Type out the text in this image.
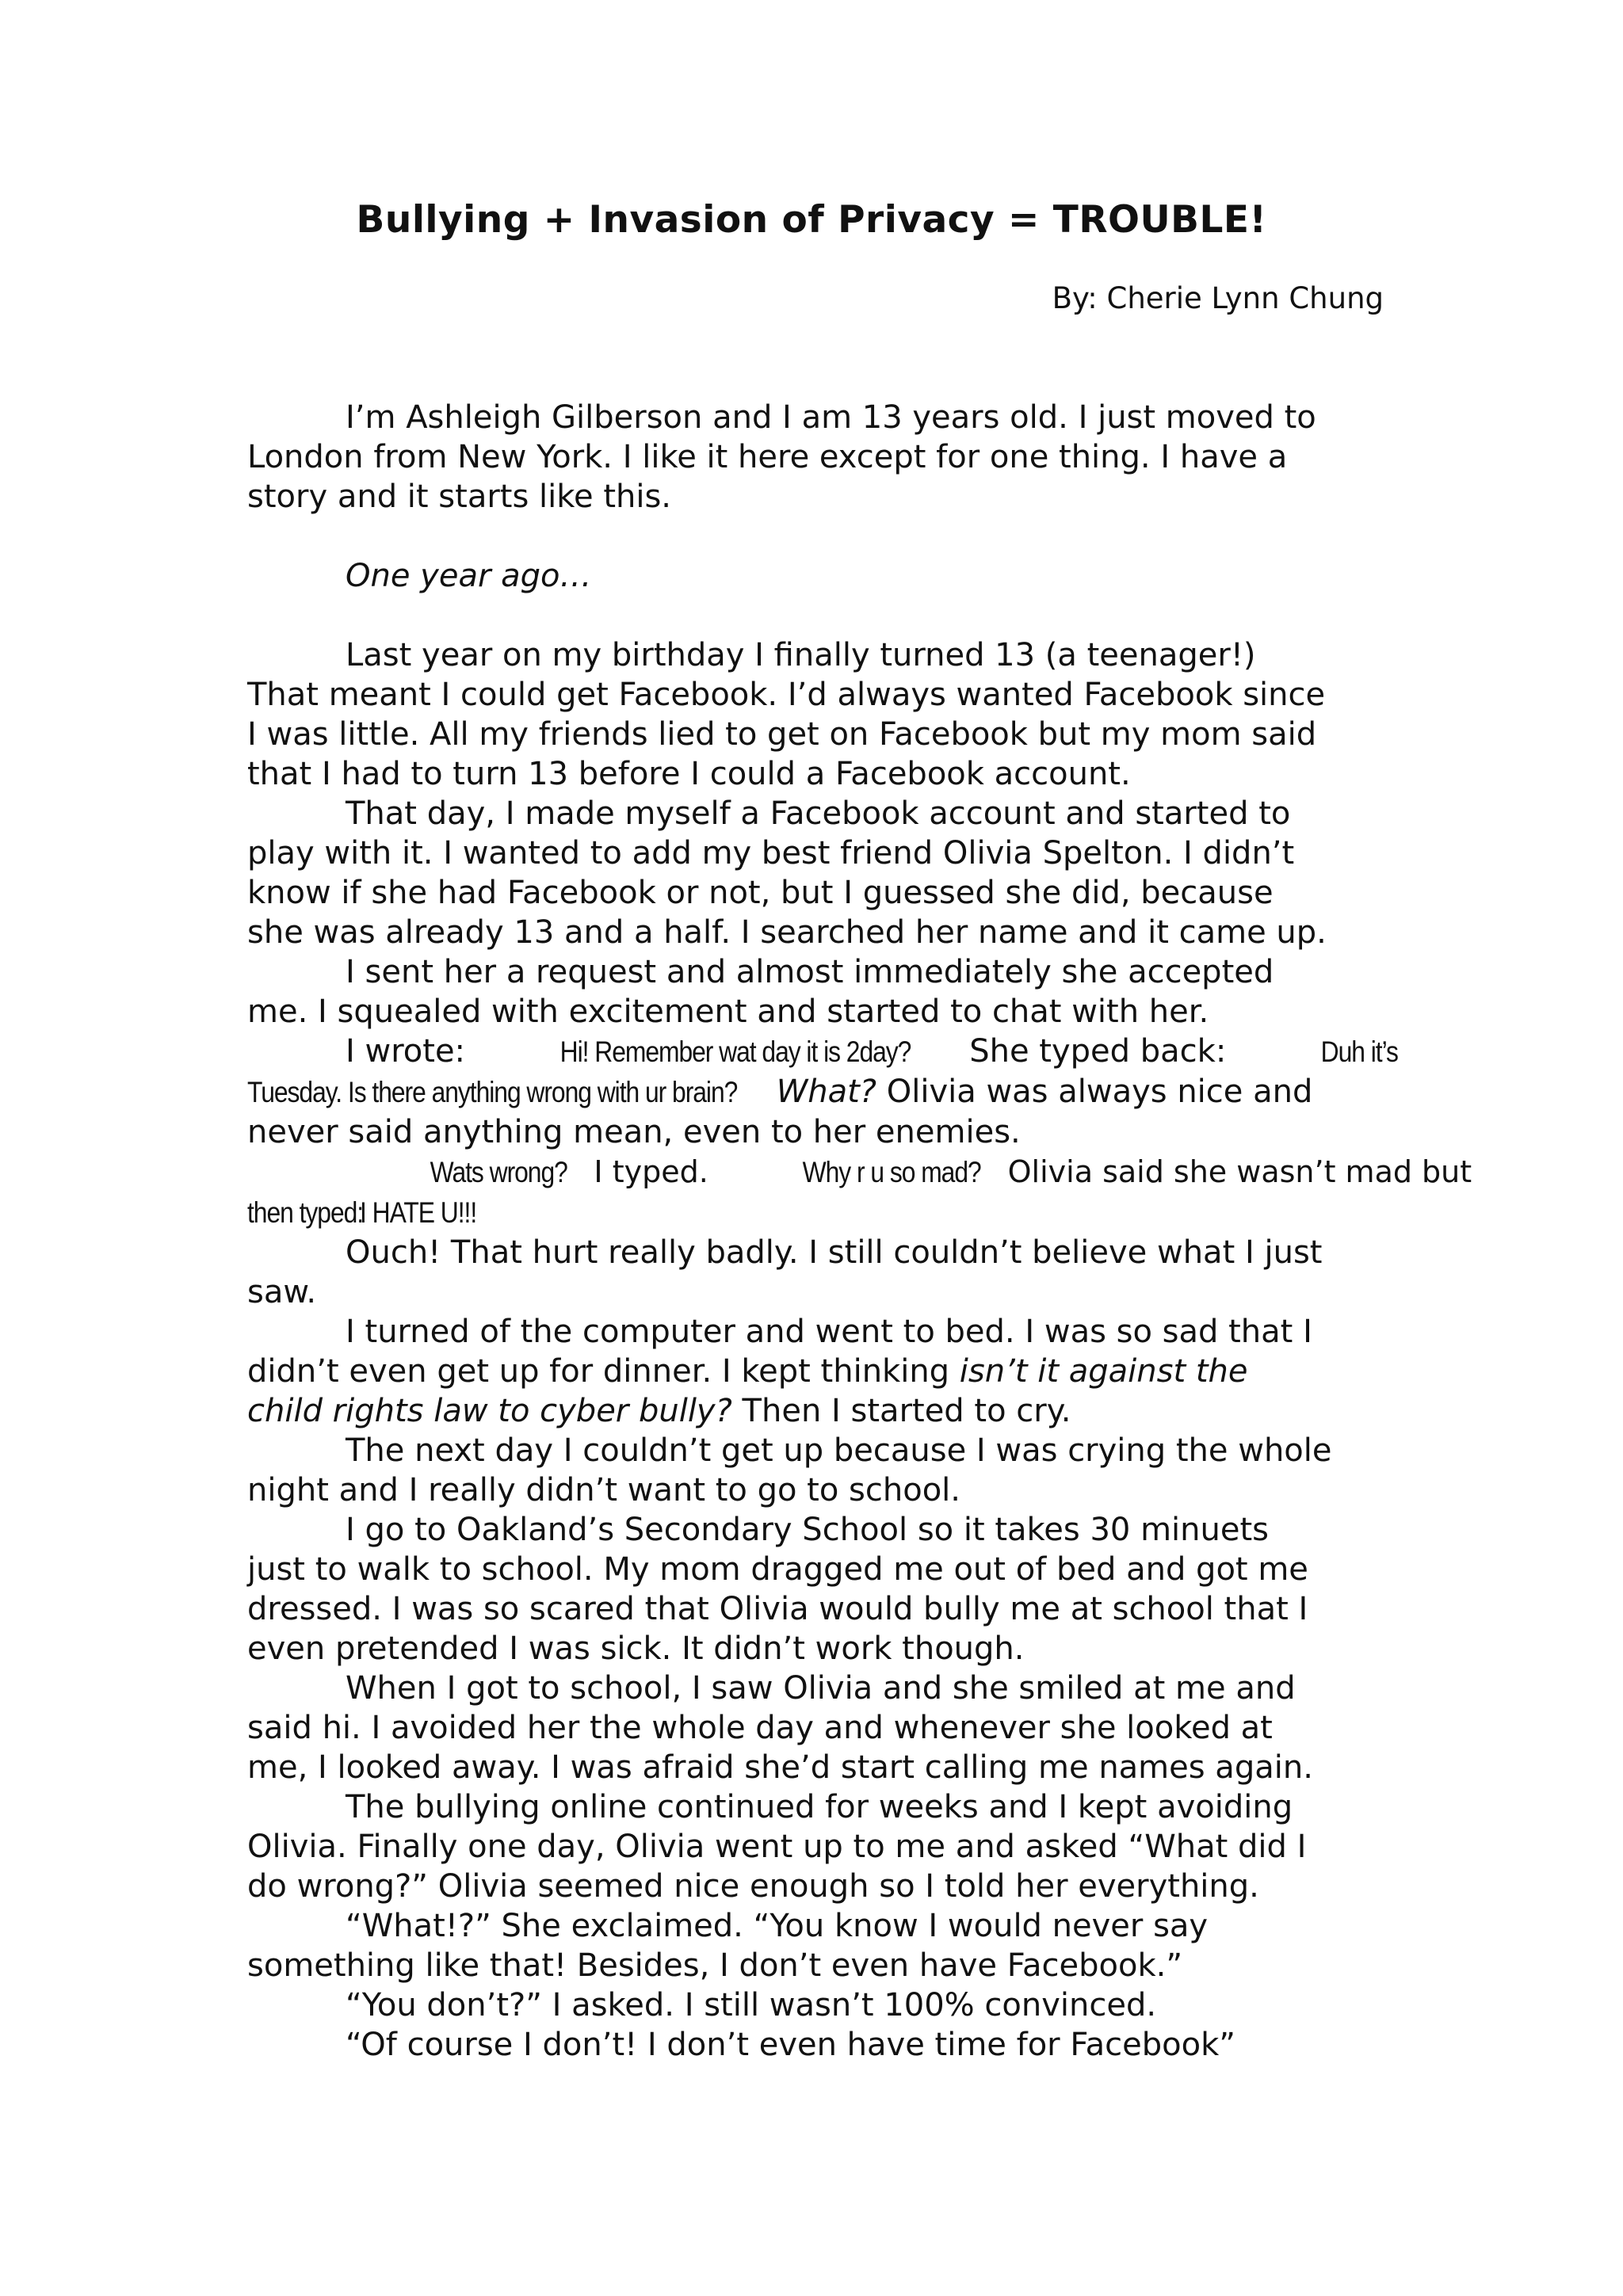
Bullying + Invasion of Privacy = TROUBLE!

By: Cherie Lynn Chung

I’m Ashleigh Gilberson and I am 13 years old. I just moved to
London from New York. I like it here except for one thing. I have a
story and it starts like this.

One year ago…

Last year on my birthday I finally turned 13 (a teenager!)
That meant I could get Facebook. I’d always wanted Facebook since
I was little. All my friends lied to get on Facebook but my mom said
that I had to turn 13 before I could a Facebook account.

That day, I made myself a Facebook account and started to
play with it. I wanted to add my best friend Olivia Spelton. I didn’t
know if she had Facebook or not, but I guessed she did, because
she was already 13 and a half. I searched her name and it came up.

I sent her a request and almost immediately she accepted
me. I squealed with excitement and started to chat with her.

I wrote:	Hi! Remember wat day it is 2day? She typed back:	Duh it’s
Tuesday. Is there anything wrong with ur brain? What? Olivia was always nice and
never said anything mean, even to her enemies.

Wats wrong? I typed.	Why r u so mad? Olivia said she wasn’t mad but
then typed:I HATE U!!!

Ouch! That hurt really badly. I still couldn’t believe what I just
saw.

I turned of the computer and went to bed. I was so sad that I
didn’t even get up for dinner. I kept thinking isn’t it against the
child rights law to cyber bully? Then I started to cry.

The next day I couldn’t get up because I was crying the whole
night and I really didn’t want to go to school.

I go to Oakland’s Secondary School so it takes 30 minuets
just to walk to school. My mom dragged me out of bed and got me
dressed. I was so scared that Olivia would bully me at school that I
even pretended I was sick. It didn’t work though.

When I got to school, I saw Olivia and she smiled at me and
said hi. I avoided her the whole day and whenever she looked at
me, I looked away. I was afraid she’d start calling me names again.

The bullying online continued for weeks and I kept avoiding
Olivia. Finally one day, Olivia went up to me and asked “What did I
do wrong?” Olivia seemed nice enough so I told her everything.

“What!?” She exclaimed. “You know I would never say
something like that! Besides, I don’t even have Facebook.”

“You don’t?” I asked. I still wasn’t 100% convinced.

“Of course I don’t! I don’t even have time for Facebook”
